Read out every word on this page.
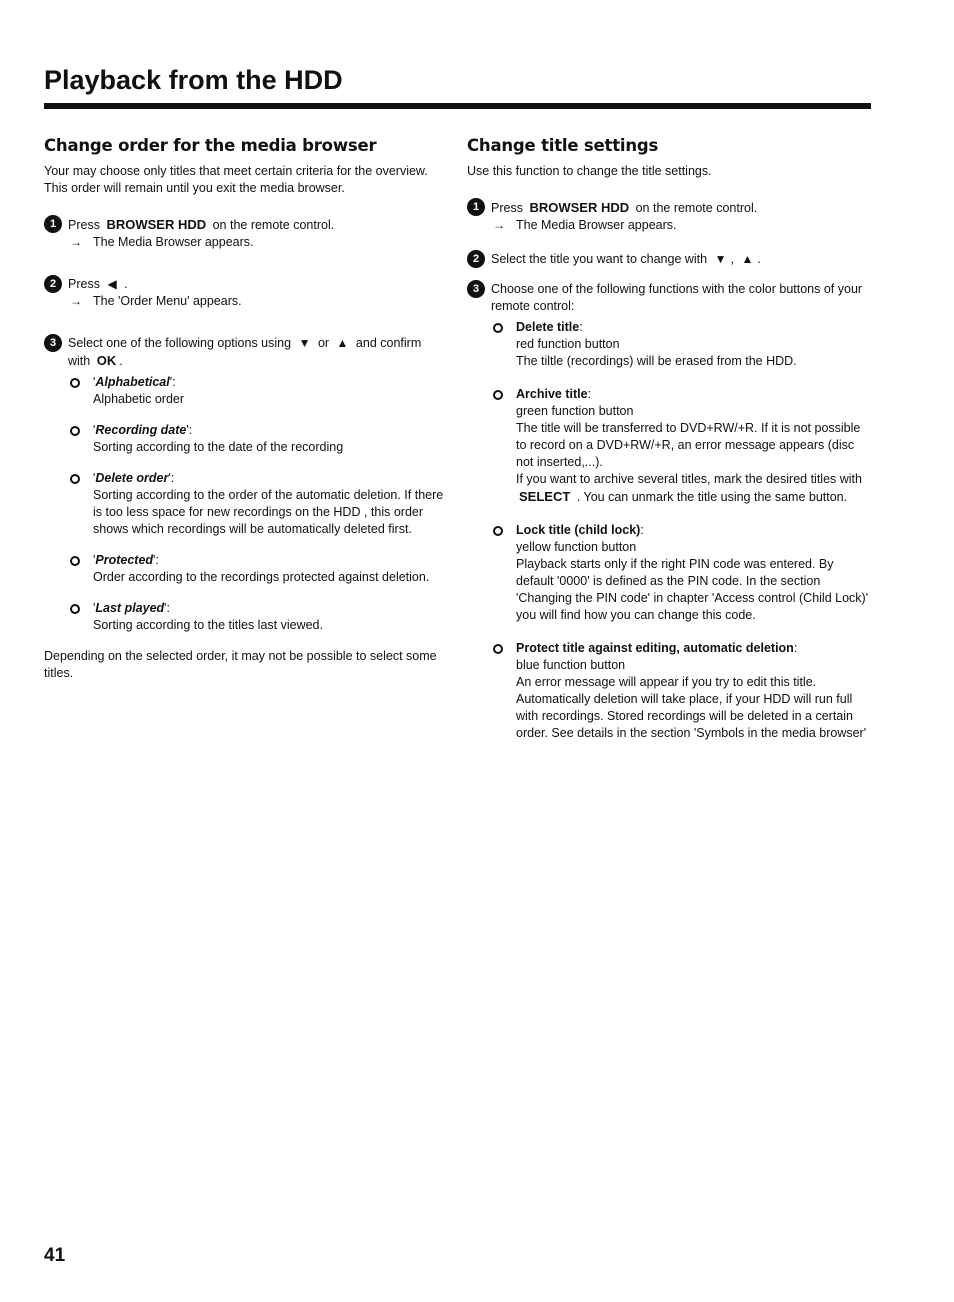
Playback from the HDD
Change order for the media browser

Your may choose only titles that meet certain criteria for the overview. This order will remain until you exit the media browser.

1 Press BROWSER HDD on the remote control.
→ The Media Browser appears.
2 Press ◀ .
→ The 'Order Menu' appears.
3 Select one of the following options using ▼ or ▲ and confirm with OK .
'Alphabetical':
Alphabetic order
'Recording date':
Sorting according to the date of the recording
'Delete order':
Sorting according to the order of the automatic deletion. If there is too less space for new recordings on the HDD , this order shows which recordings will be automatically deleted first.
'Protected':
Order according to the recordings protected against deletion.
'Last played':
Sorting according to the titles last viewed.

Depending on the selected order, it may not be possible to select some titles.

Change title settings

Use this function to change the title settings.

1 Press BROWSER HDD on the remote control.
→ The Media Browser appears.
2 Select the title you want to change with ▼ , ▲ .
3 Choose one of the following functions with the color buttons of your remote control:
Delete title:
red function button
The tiltle (recordings) will be erased from the HDD.
Archive title:
green function button
The title will be transferred to DVD+RW/+R. If it is not possible to record on a DVD+RW/+R, an error message appears (disc not inserted,...).
If you want to archive several titles, mark the desired titles with SELECT . You can unmark the title using the same button.
Lock title (child lock):
yellow function button
Playback starts only if the right PIN code was entered. By default '0000' is defined as the PIN code. In the section 'Changing the PIN code' in chapter 'Access control (Child Lock)' you will find how you can change this code.
Protect title against editing, automatic deletion:
blue function button
An error message will appear if you try to edit this title. Automatically deletion will take place, if your HDD will run full with recordings. Stored recordings will be deleted in a certain order. See details in the section 'Symbols in the media browser'
41
